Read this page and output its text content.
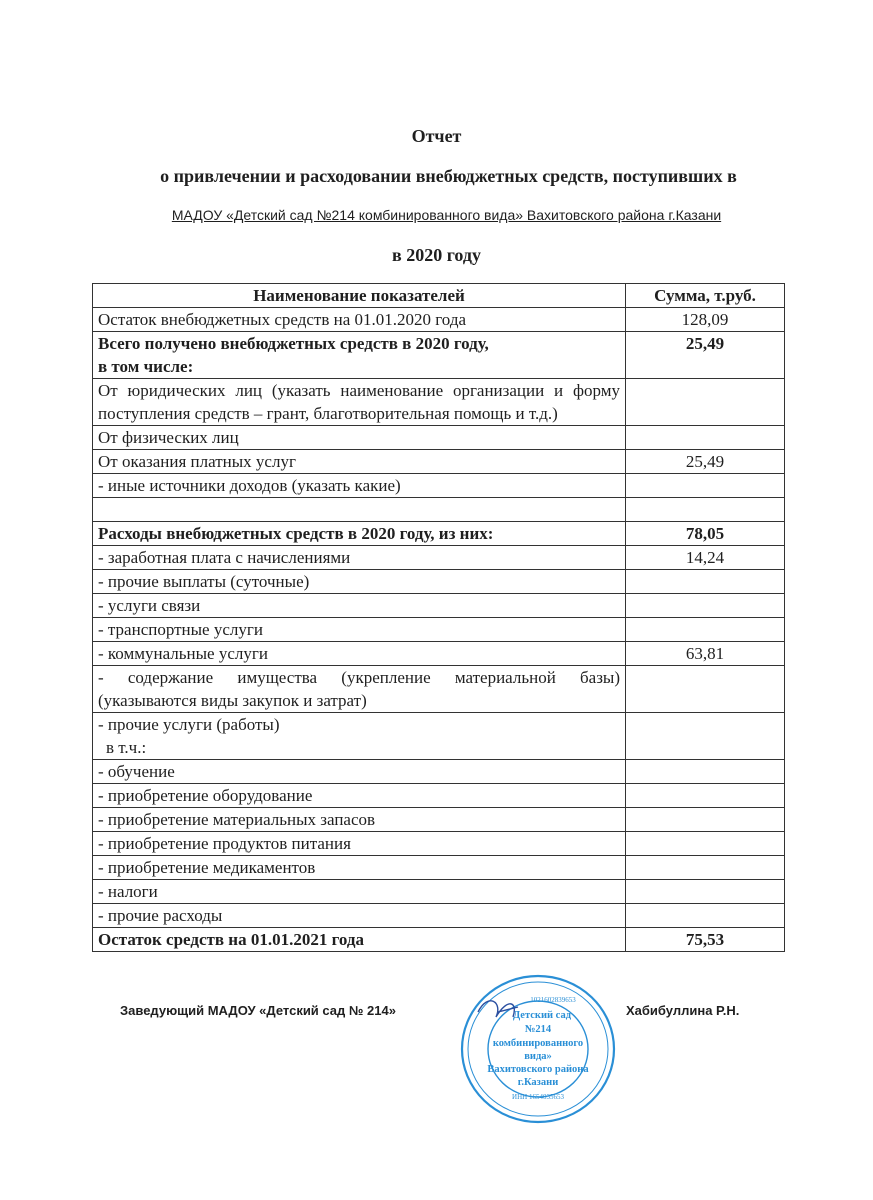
Отчет
о привлечении и расходовании внебюджетных средств, поступивших в
МАДОУ «Детский сад №214 комбинированного вида» Вахитовского района г.Казани
в 2020 году
Наименование показателей	Сумма, т.руб.
Остаток внебюджетных средств на 01.01.2020 года	128,09

Всего получено внебюджетных средств в 2020 году,
в том числе:	25,49
От юридических лиц (указать наименование организации и форму поступления средств – грант, благотворительная помощь и т.д.)	
От физических лиц	
От оказания платных услуг	25,49
- иные источники доходов (указать какие)	

Расходы внебюджетных средств в 2020 году, из них:	78,05
- заработная плата с начислениями	14,24
- прочие выплаты (суточные)	
- услуги связи	
- транспортные услуги	
- коммунальные услуги	63,81
- содержание имущества (укрепление материальной базы) (указываются виды закупок и затрат)	

- прочие услуги (работы)
в т.ч.:	

- обучение	
- приобретение оборудование	
- приобретение материальных запасов	
- приобретение продуктов питания	
- приобретение медикаментов	
- налоги	
- прочие расходы	
Остаток средств на 01.01.2021 года	75,53
Заведующий МАДОУ «Детский сад № 214»	Хабибуллина Р.Н.
Детский сад
№214
комбинированного
вида»
Вахитовского района
г.Казани
1021602839653
ИНН 1654035653
